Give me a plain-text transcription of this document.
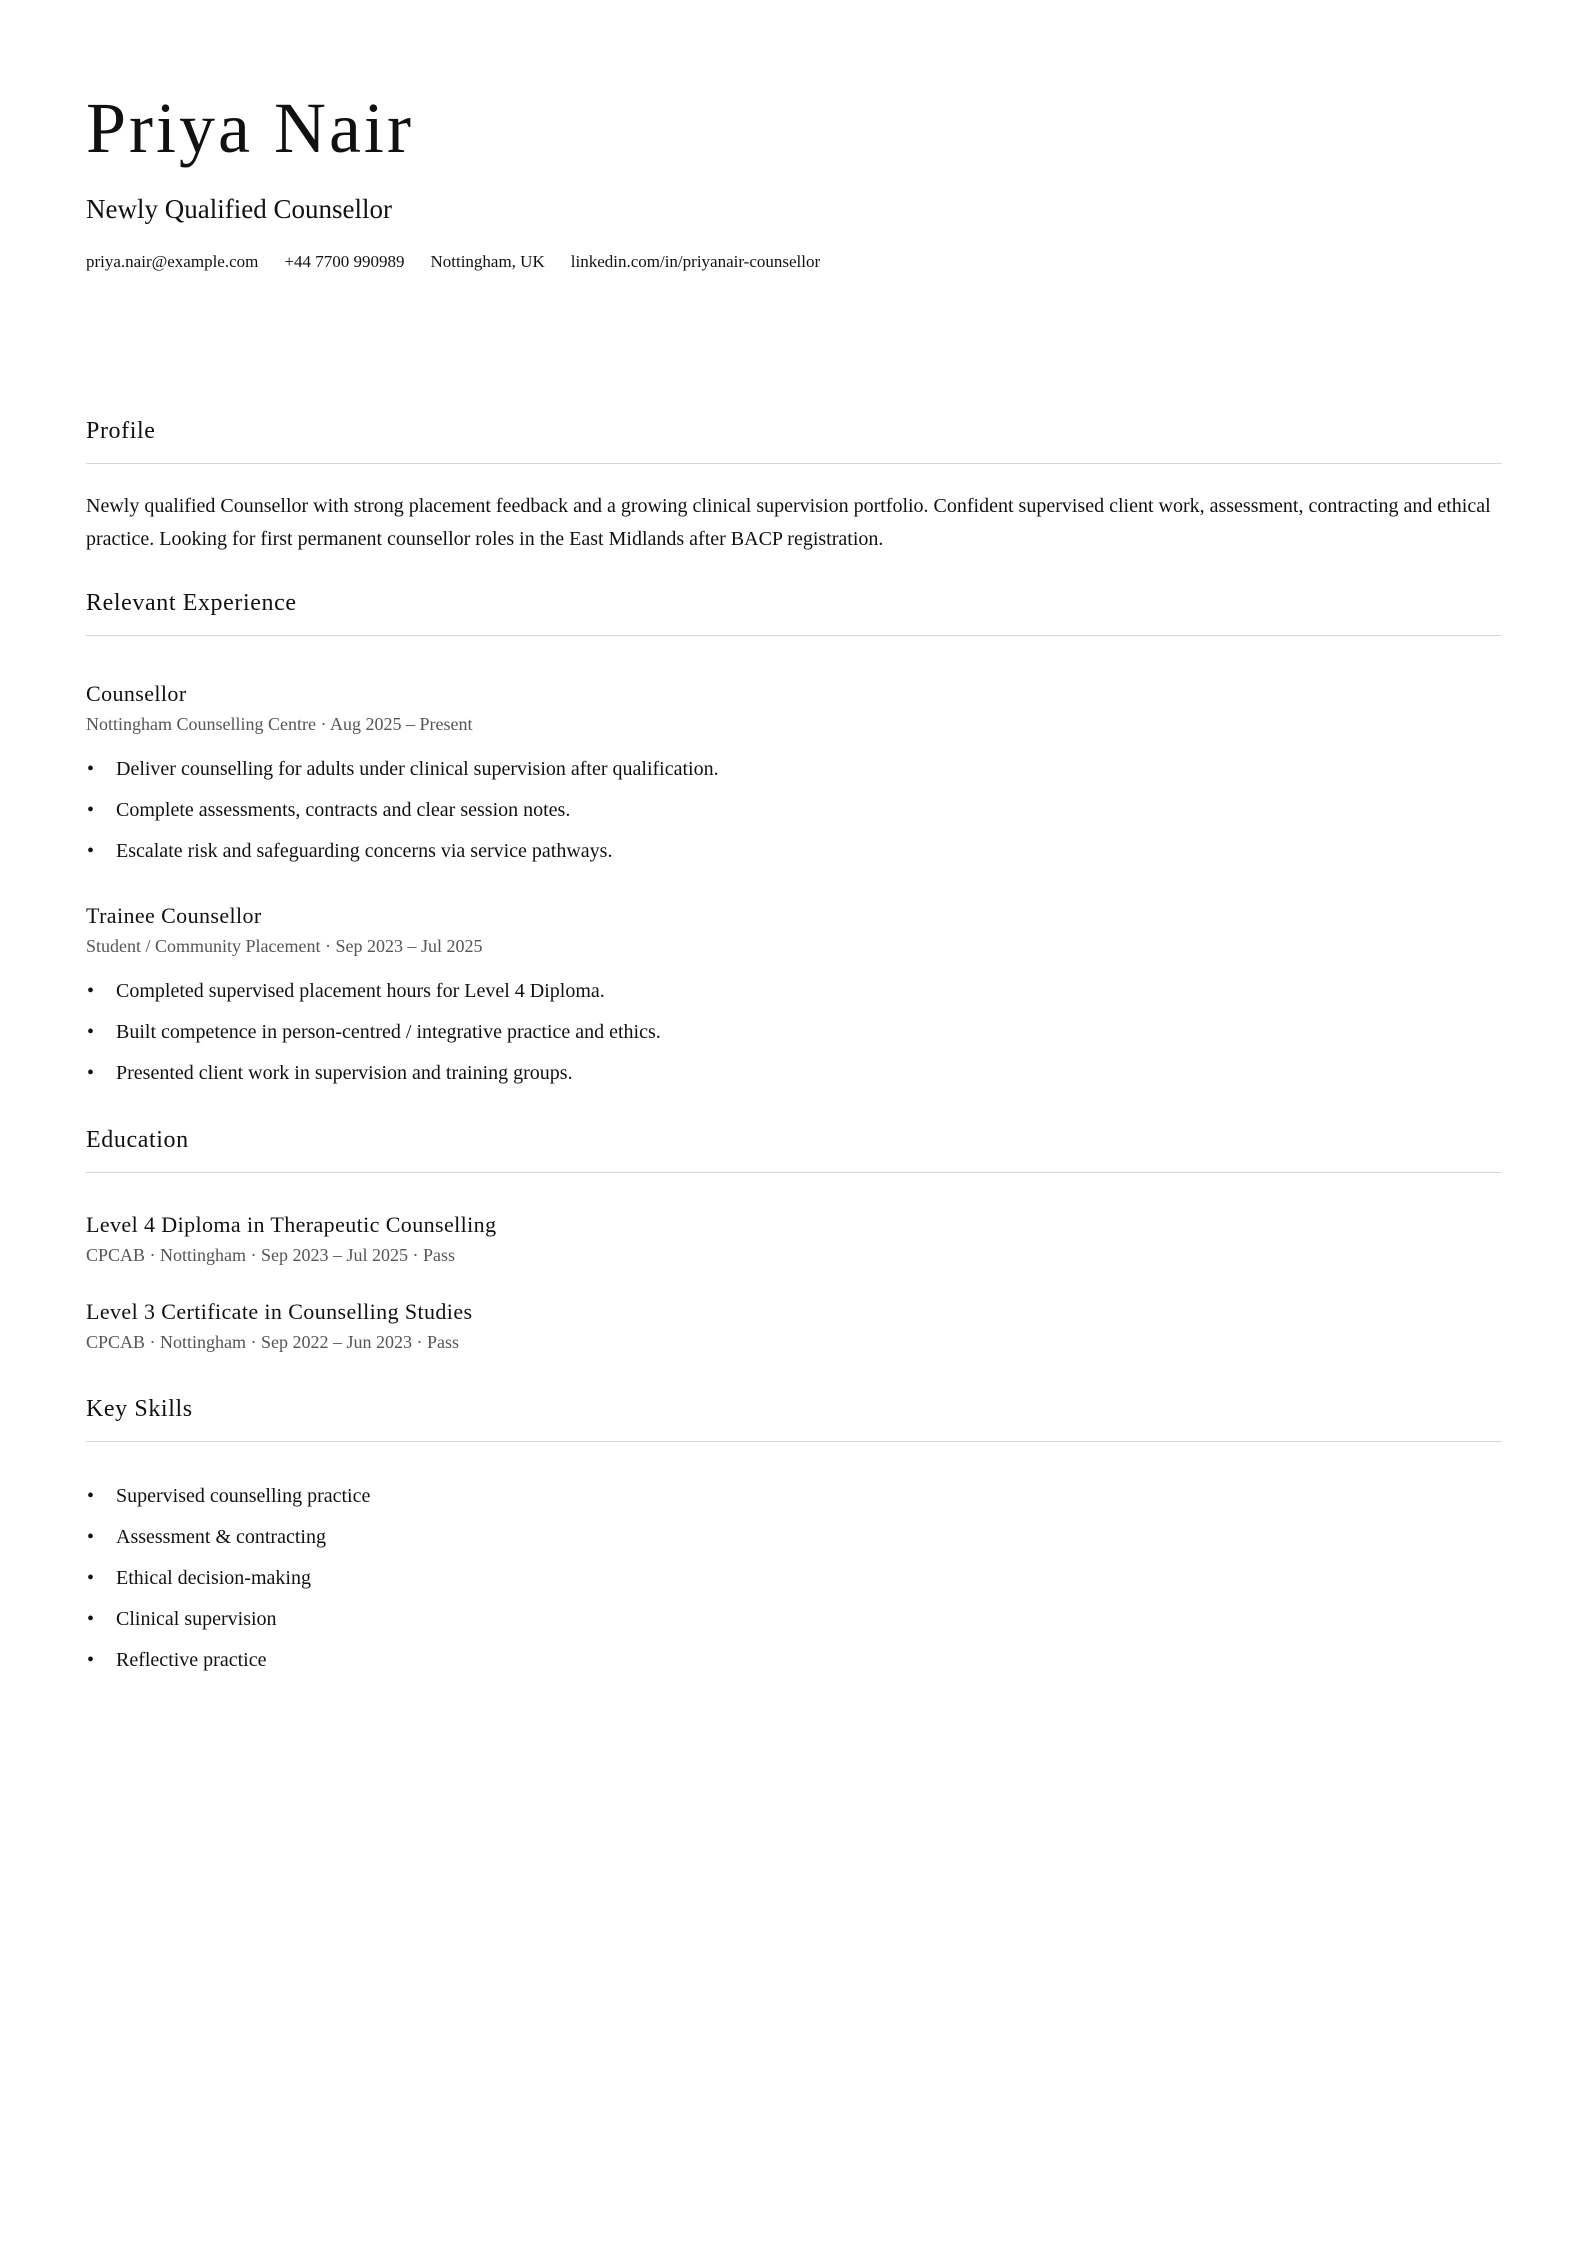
Priya Nair
Newly Qualified Counsellor
priya.nair@example.com +44 7700 990989 Nottingham, UK linkedin.com/in/priyanair-counsellor
Profile
Newly qualified Counsellor with strong placement feedback and a growing clinical supervision portfolio. Confident supervised client work, assessment, contracting and ethical practice. Looking for first permanent counsellor roles in the East Midlands after BACP registration.
Relevant Experience
Counsellor
Nottingham Counselling Centre · Aug 2025 – Present
• Deliver counselling for adults under clinical supervision after qualification.
• Complete assessments, contracts and clear session notes.
• Escalate risk and safeguarding concerns via service pathways.
Trainee Counsellor
Student / Community Placement · Sep 2023 – Jul 2025
• Completed supervised placement hours for Level 4 Diploma.
• Built competence in person-centred / integrative practice and ethics.
• Presented client work in supervision and training groups.
Education
Level 4 Diploma in Therapeutic Counselling
CPCAB · Nottingham · Sep 2023 – Jul 2025 · Pass
Level 3 Certificate in Counselling Studies
CPCAB · Nottingham · Sep 2022 – Jun 2023 · Pass
Key Skills
• Supervised counselling practice
• Assessment & contracting
• Ethical decision-making
• Clinical supervision
• Reflective practice
